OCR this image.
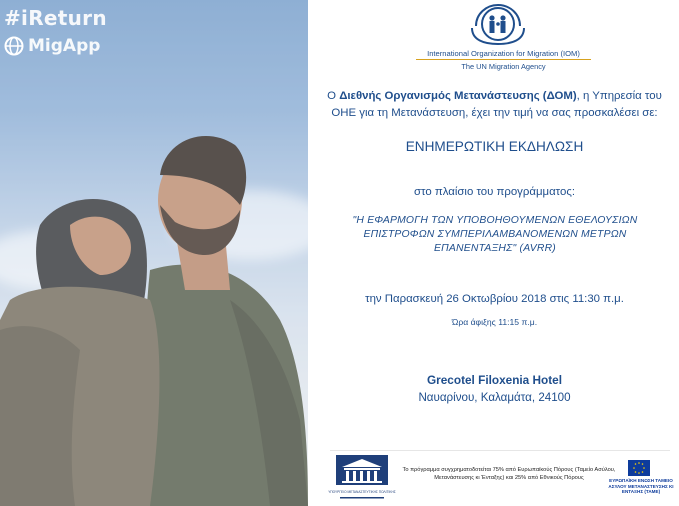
#iReturn
MigApp	International Organization for Migration (IOM)
The UN Migration Agency
Ο Διεθνής Οργανισμός Μετανάστευσης (ΔΟΜ), η Υπηρεσία του ΟΗΕ για τη Μετανάστευση, έχει την τιμή να σας προσκαλέσει σε:
ΕΝΗΜΕΡΩΤΙΚΗ ΕΚΔΗΛΩΣΗ
στο πλαίσιο του προγράμματος:
"Η ΕΦΑΡΜΟΓΗ ΤΩΝ ΥΠΟΒΟΗΘΟΥΜΕΝΩΝ ΕΘΕΛΟΥΣΙΩΝ ΕΠΙΣΤΡΟΦΩΝ ΣΥΜΠΕΡΙΛΑΜΒΑΝΟΜΕΝΩΝ ΜΕΤΡΩΝ ΕΠΑΝΕΝΤΑΞΗΣ" (AVRR)
την Παρασκευή 26 Οκτωβρίου 2018 στις 11:30 π.μ.
Ώρα άφιξης 11:15 π.μ.
Grecotel Filoxenia Hotel
Ναυαρίνου, Καλαμάτα, 24100
ΥΠΟΥΡΓΕΙΟ ΜΕΤΑΝΑΣΤΕΥΤΙΚΗΣ ΠΟΛΙΤΙΚΗΣ
Το πρόγραμμα συγχρηματοδοτείται 75% από Ευρωπαϊκούς Πόρους (Ταμείο Ασύλου, Μετανάστευσης κι Ένταξης) και 25% από Εθνικούς Πόρους	ΕΥΡΩΠΑΪΚΗ ΕΝΩΣΗ ΤΑΜΕΙΟ ΑΣΥΛΟΥ ΜΕΤΑΝΑΣΤΕΥΣΗΣ ΚΙ ΕΝΤΑΞΗΣ (ΤΑΜΕ)
